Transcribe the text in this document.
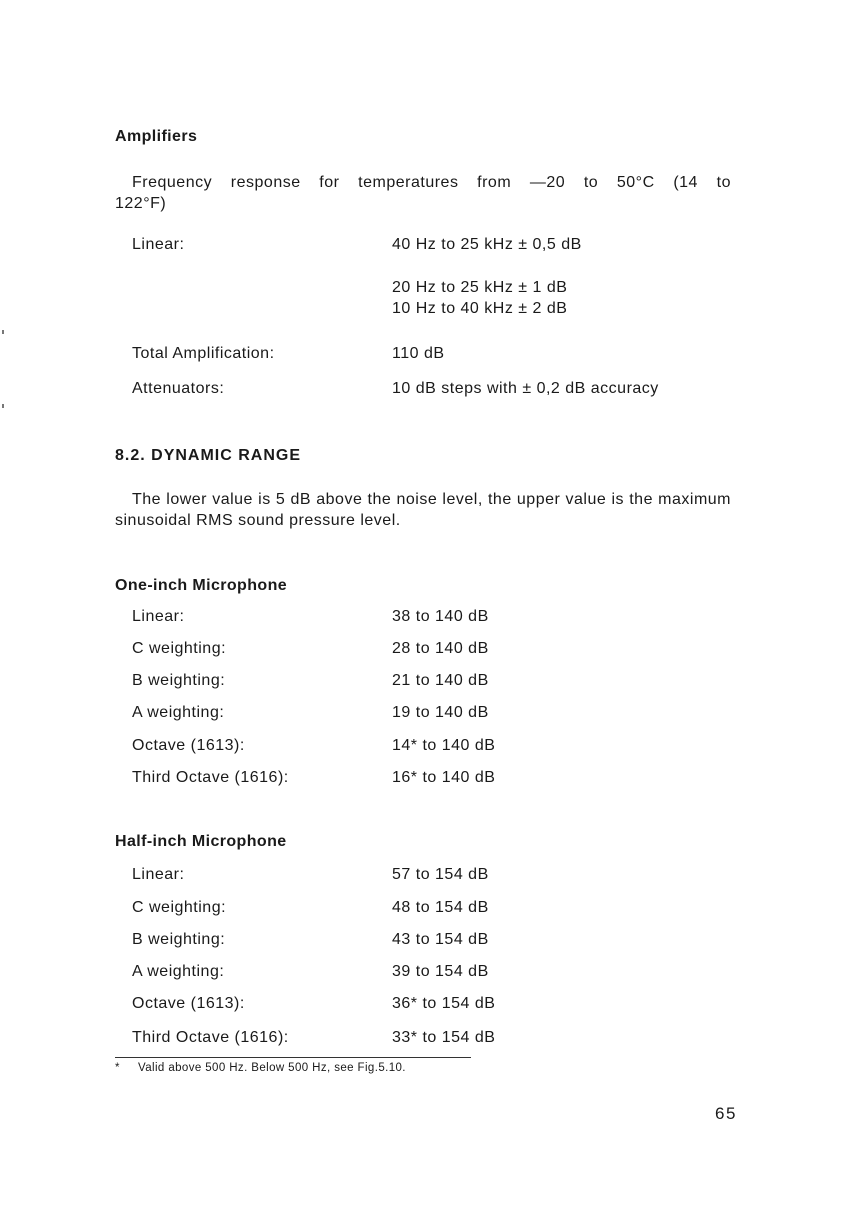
Amplifiers
Frequency response for temperatures from —20 to 50°C (14 to 122°F)
Linear:	40 Hz to 25 kHz ± 0,5 dB
20 Hz to 25 kHz ± 1 dB
10 Hz to 40 kHz ± 2 dB
Total Amplification:	110 dB
Attenuators:	10 dB steps with ± 0,2 dB accuracy
8.2. DYNAMIC RANGE
The lower value is 5 dB above the noise level, the upper value is the maximum sinusoidal RMS sound pressure level.
One-inch Microphone
Linear:	38 to 140 dB
C weighting:	28 to 140 dB
B weighting:	21 to 140 dB
A weighting:	19 to 140 dB
Octave (1613):	14* to 140 dB
Third Octave (1616):	16* to 140 dB
Half-inch Microphone
Linear:	57 to 154 dB
C weighting:	48 to 154 dB
B weighting:	43 to 154 dB
A weighting:	39 to 154 dB
Octave (1613):	36* to 154 dB
Third Octave (1616):	33* to 154 dB
* Valid above 500 Hz. Below 500 Hz, see Fig.5.10.
65
